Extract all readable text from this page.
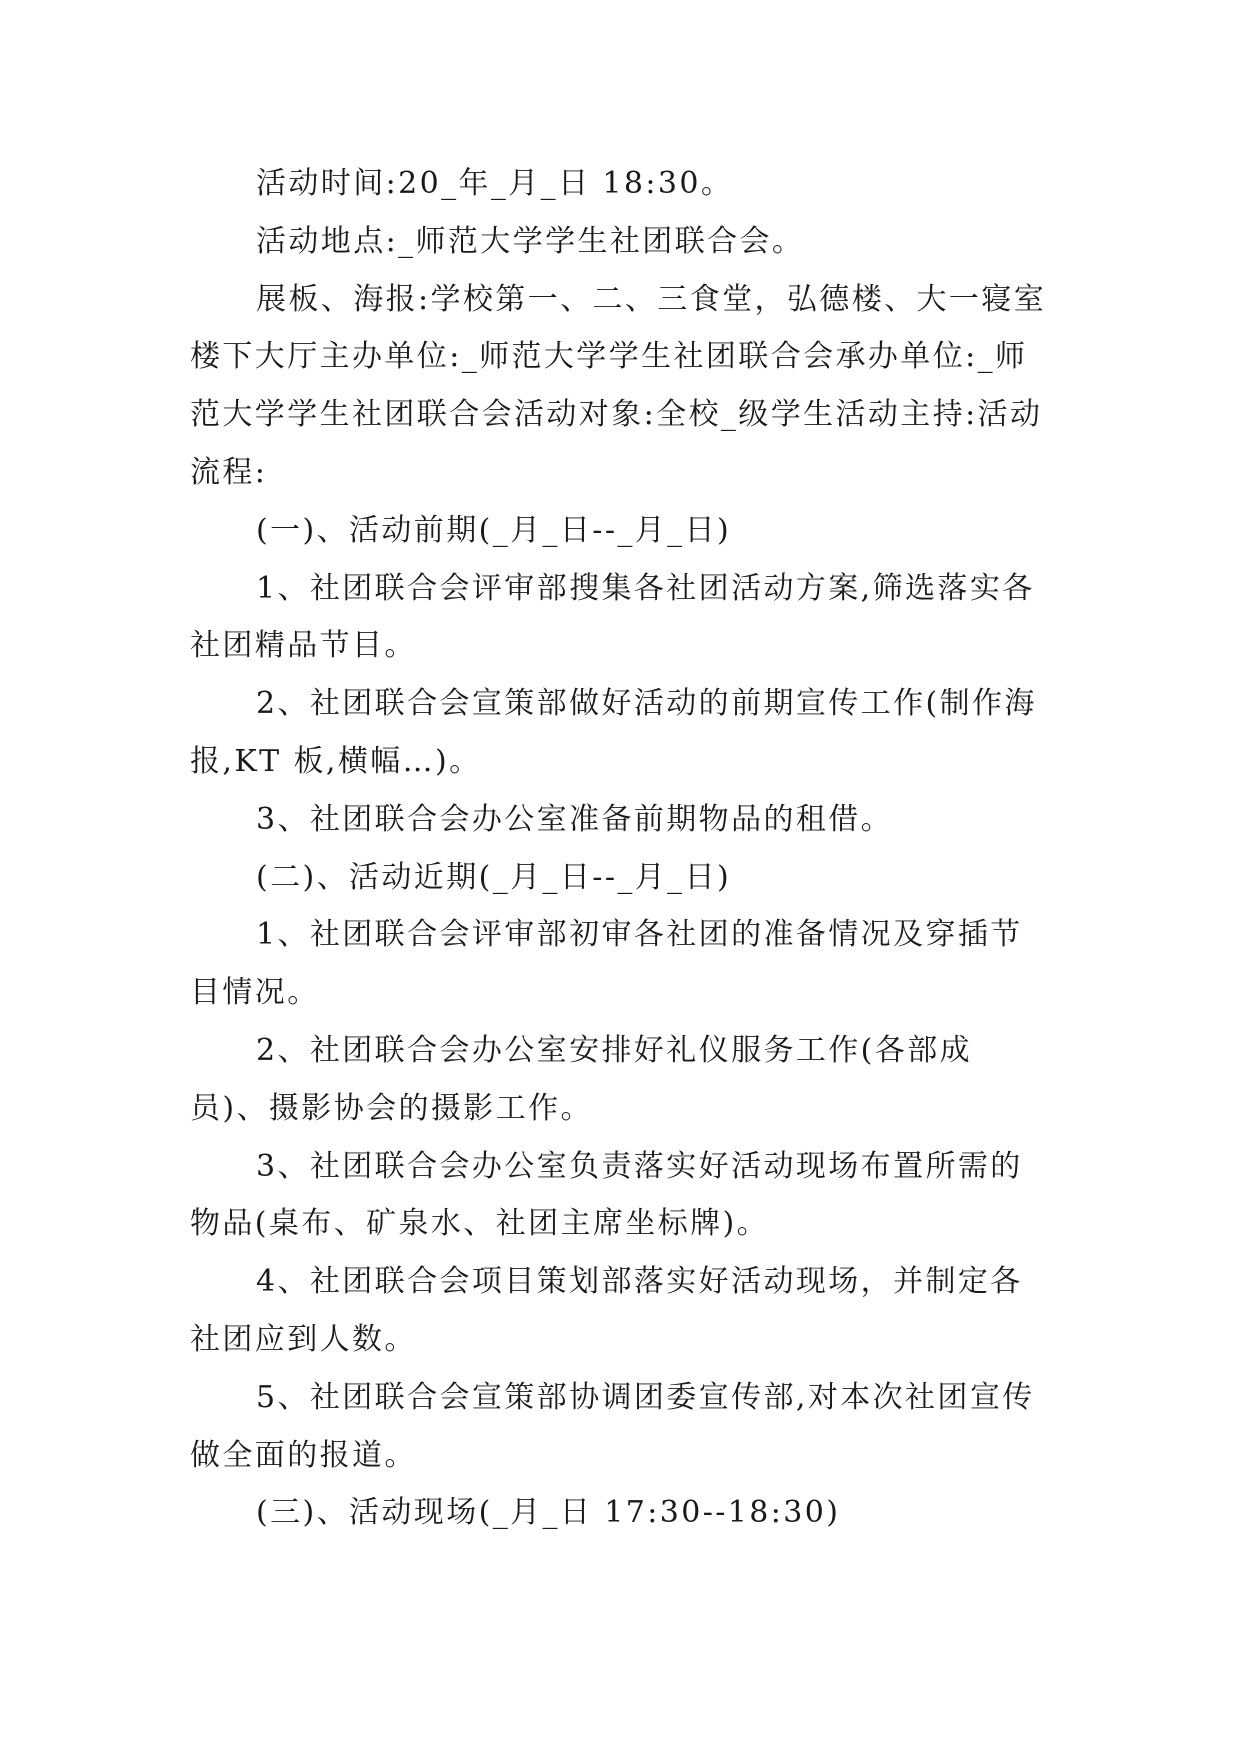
活动时间:20_年_月_日 18:30。

活动地点:_师范大学学生社团联合会。

展板、海报:学校第一、二、三食堂，弘德楼、大一寝室楼下大厅主办单位:_师范大学学生社团联合会承办单位:_师范大学学生社团联合会活动对象:全校_级学生活动主持:活动流程:

(一)、活动前期(_月_日--_月_日)

1、社团联合会评审部搜集各社团活动方案,筛选落实各社团精品节目。

2、社团联合会宣策部做好活动的前期宣传工作(制作海报,KT 板,横幅…)。

3、社团联合会办公室准备前期物品的租借。

(二)、活动近期(_月_日--_月_日)

1、社团联合会评审部初审各社团的准备情况及穿插节目情况。

2、社团联合会办公室安排好礼仪服务工作(各部成员)、摄影协会的摄影工作。

3、社团联合会办公室负责落实好活动现场布置所需的物品(桌布、矿泉水、社团主席坐标牌)。

4、社团联合会项目策划部落实好活动现场，并制定各社团应到人数。

5、社团联合会宣策部协调团委宣传部,对本次社团宣传做全面的报道。

(三)、活动现场(_月_日 17:30--18:30)
